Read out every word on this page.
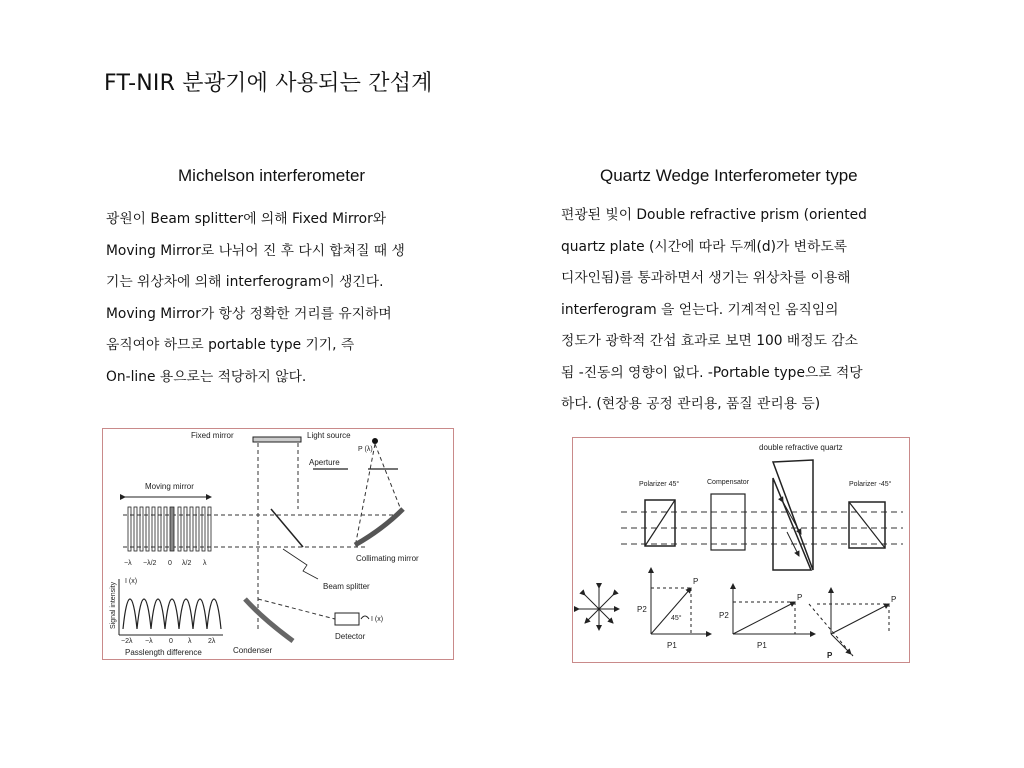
FT-NIR 분광기에 사용되는 간섭계
Michelson interferometer
광원이 Beam splitter에 의해 Fixed Mirror와
Moving Mirror로 나뉘어 진 후 다시 합쳐질 때 생
기는 위상차에 의해 interferogram이 생긴다.
Moving Mirror가 항상 정확한 거리를 유지하며
움직여야 하므로 portable type 기기, 즉
On-line 용으로는 적당하지 않다.
Quartz Wedge Interferometer type
편광된 빛이 Double refractive prism (oriented
quartz plate (시간에 따라 두께(d)가 변하도록
디자인됨)를 통과하면서 생기는 위상차를 이용해
interferogram 을 얻는다. 기계적인 움직임의
정도가 광학적 간섭 효과로 보면 100 배정도 감소
됨 -진동의 영향이 없다. -Portable type으로 적당
하다. (현장용 공정 관리용, 품질 관리용 등)
Fixed mirror	Light source
P (λ)
Aperture
Beam splitter
Collimating mirror
Moving mirror
−λ −λ/2 0 λ/2 λ
I (x)
Signal intensity
−2λ −λ 0 λ 2λ
Passlength difference	Condenser
I (x)
Detector
double refractive quartz
Polarizer 45°	Compensator	Polarizer -45°
P2
P1
P
45°	P2
P1
P	P
P
